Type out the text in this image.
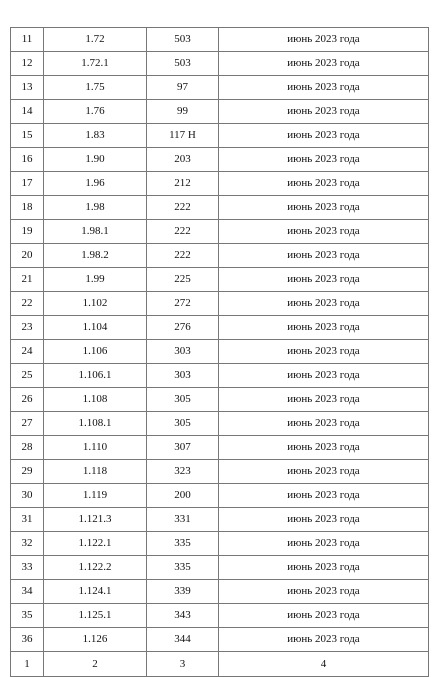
11	1.72	503	июнь 2023 года
12	1.72.1	503	июнь 2023 года
13	1.75	97	июнь 2023 года
14	1.76	99	июнь 2023 года
15	1.83	117 Н	июнь 2023 года
16	1.90	203	июнь 2023 года
17	1.96	212	июнь 2023 года
18	1.98	222	июнь 2023 года
19	1.98.1	222	июнь 2023 года
20	1.98.2	222	июнь 2023 года
21	1.99	225	июнь 2023 года
22	1.102	272	июнь 2023 года
23	1.104	276	июнь 2023 года
24	1.106	303	июнь 2023 года
25	1.106.1	303	июнь 2023 года
26	1.108	305	июнь 2023 года
27	1.108.1	305	июнь 2023 года
28	1.110	307	июнь 2023 года
29	1.118	323	июнь 2023 года
30	1.119	200	июнь 2023 года
31	1.121.3	331	июнь 2023 года
32	1.122.1	335	июнь 2023 года
33	1.122.2	335	июнь 2023 года
34	1.124.1	339	июнь 2023 года
35	1.125.1	343	июнь 2023 года
36	1.126	344	июнь 2023 года
1	2	3	4
